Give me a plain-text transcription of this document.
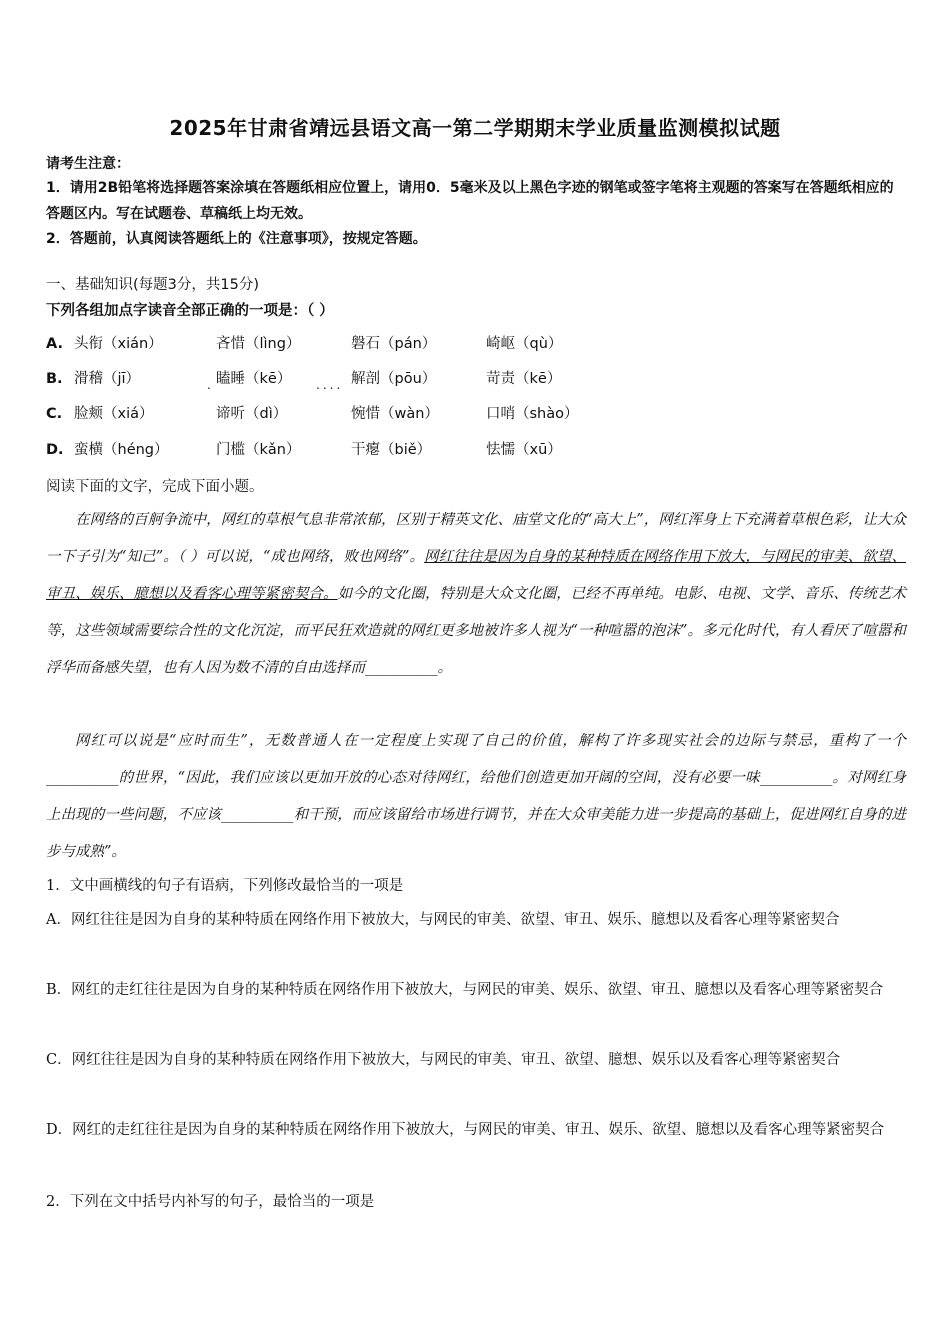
2025年甘肃省靖远县语文高一第二学期期末学业质量监测模拟试题
请考生注意：
1．请用2B铅笔将选择题答案涂填在答题纸相应位置上，请用0．5毫米及以上黑色字迹的钢笔或签字笔将主观题的答案写在答题纸相应的答题区内。写在试题卷、草稿纸上均无效。
2．答题前，认真阅读答题纸上的《注意事项》，按规定答题。
一、基础知识(每题3分，共15分)
下列各组加点字读音全部正确的一项是：（ ）
A. 头衔（xián）	吝惜（lìng）	磐石（pán）	崎岖（qù）
B. 滑稽（jī）	瞌睡（kē）	解剖（pōu）	苛责（kē）
.	....
C. 脸颊（xiá）	谛听（dì）	惋惜（wàn）	口哨（shào）
D. 蛮横（héng）	门槛（kǎn）	干瘪（biě）	怯懦（xū）
阅读下面的文字，完成下面小题。
在网络的百舸争流中，网红的草根气息非常浓郁，区别于精英文化、庙堂文化的“高大上”，网红浑身上下充满着草根色彩，让大众一下子引为“知己”。（ ）可以说，“成也网络，败也网络”。网红往往是因为自身的某种特质在网络作用下放大，与网民的审美、欲望、审丑、娱乐、臆想以及看客心理等紧密契合。如今的文化圈，特别是大众文化圈，已经不再单纯。电影、电视、文学、音乐、传统艺术等，这些领域需要综合性的文化沉淀，而平民狂欢造就的网红更多地被许多人视为“一种喧嚣的泡沫”。多元化时代，有人看厌了喧嚣和浮华而备感失望，也有人因为数不清的自由选择而__________。
网红可以说是“应时而生”，无数普通人在一定程度上实现了自己的价值，解构了许多现实社会的边际与禁忌，重构了一个__________的世界，“因此，我们应该以更加开放的心态对待网红，给他们创造更加开阔的空间，没有必要一味__________。对网红身上出现的一些问题，不应该__________和干预，而应该留给市场进行调节，并在大众审美能力进一步提高的基础上，促进网红自身的进步与成熟”。
1．文中画横线的句子有语病，下列修改最恰当的一项是
A．网红往往是因为自身的某种特质在网络作用下被放大，与网民的审美、欲望、审丑、娱乐、臆想以及看客心理等紧密契合
B．网红的走红往往是因为自身的某种特质在网络作用下被放大，与网民的审美、娱乐、欲望、审丑、臆想以及看客心理等紧密契合
C．网红往往是因为自身的某种特质在网络作用下被放大，与网民的审美、审丑、欲望、臆想、娱乐以及看客心理等紧密契合
D．网红的走红往往是因为自身的某种特质在网络作用下被放大，与网民的审美、审丑、娱乐、欲望、臆想以及看客心理等紧密契合
2．下列在文中括号内补写的句子，最恰当的一项是
